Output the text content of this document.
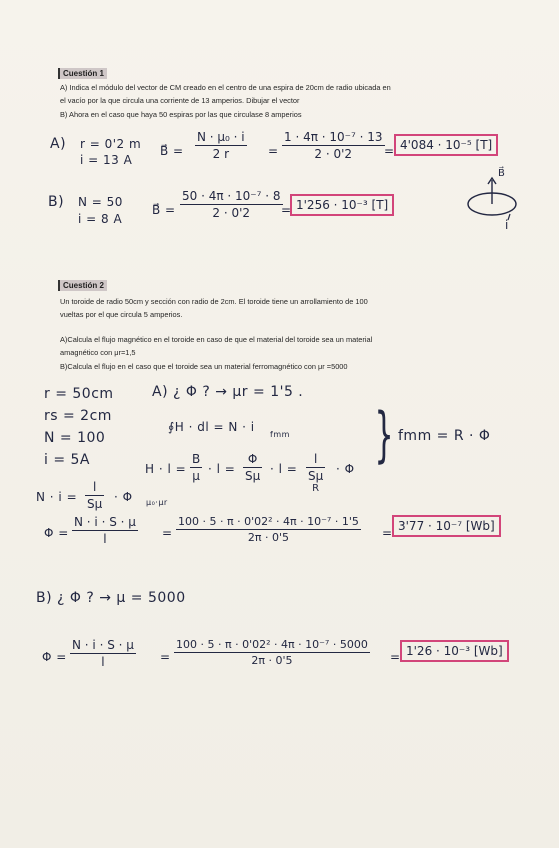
Cuestión 1
A) Indica el módulo del vector de CM creado en el centro de una espira de 20cm de radio ubicada en
el vacío por la que circula una corriente de 13 amperios. Dibujar el vector
B) Ahora en el caso que haya 50 espiras por las que circulase 8 amperios
A) r = 0'2 m
i = 13 A
B⃗ =
N · μ₀ · i
2 r	=
1 · 4π · 10⁻⁷ · 13
2 · 0'2	= 4'084 · 10⁻⁵ [T]
B) N = 50
i = 8 A
B⃗ =
50 · 4π · 10⁻⁷ · 8
2 · 0'2	= 1'256 · 10⁻³ [T]
B⃗
i
Cuestión 2
Un toroide de radio 50cm y sección con radio de 2cm. El toroide tiene un arrollamiento de 100
vueltas por el que circula 5 amperios.
A)Calcula el flujo magnético en el toroide en caso de que el material del toroide sea un material
amagnético con μr=1,5
B)Calcula el flujo en el caso que el toroide sea un material ferromagnético con μr =5000
r = 50cm
rs = 2cm
N = 100
i = 5A
A) ¿ Φ ? → μr = 1'5 .
∮H · dl = N · i
fmm
H · l =
B
μ · l =
Φ
Sμ · l =
l
Sμ
R
· Φ } fmm = R · Φ
N · i =
l
Sμ · Φ μ₀·μr
Φ =
N · i · S · μ
l	=
100 · 5 · π · 0'02² · 4π · 10⁻⁷ · 1'5
2π · 0'5	= 3'77 · 10⁻⁷ [Wb]
B) ¿ Φ ? → μ = 5000
Φ =
N · i · S · μ
l	=
100 · 5 · π · 0'02² · 4π · 10⁻⁷ · 5000
2π · 0'5	= 1'26 · 10⁻³ [Wb]
